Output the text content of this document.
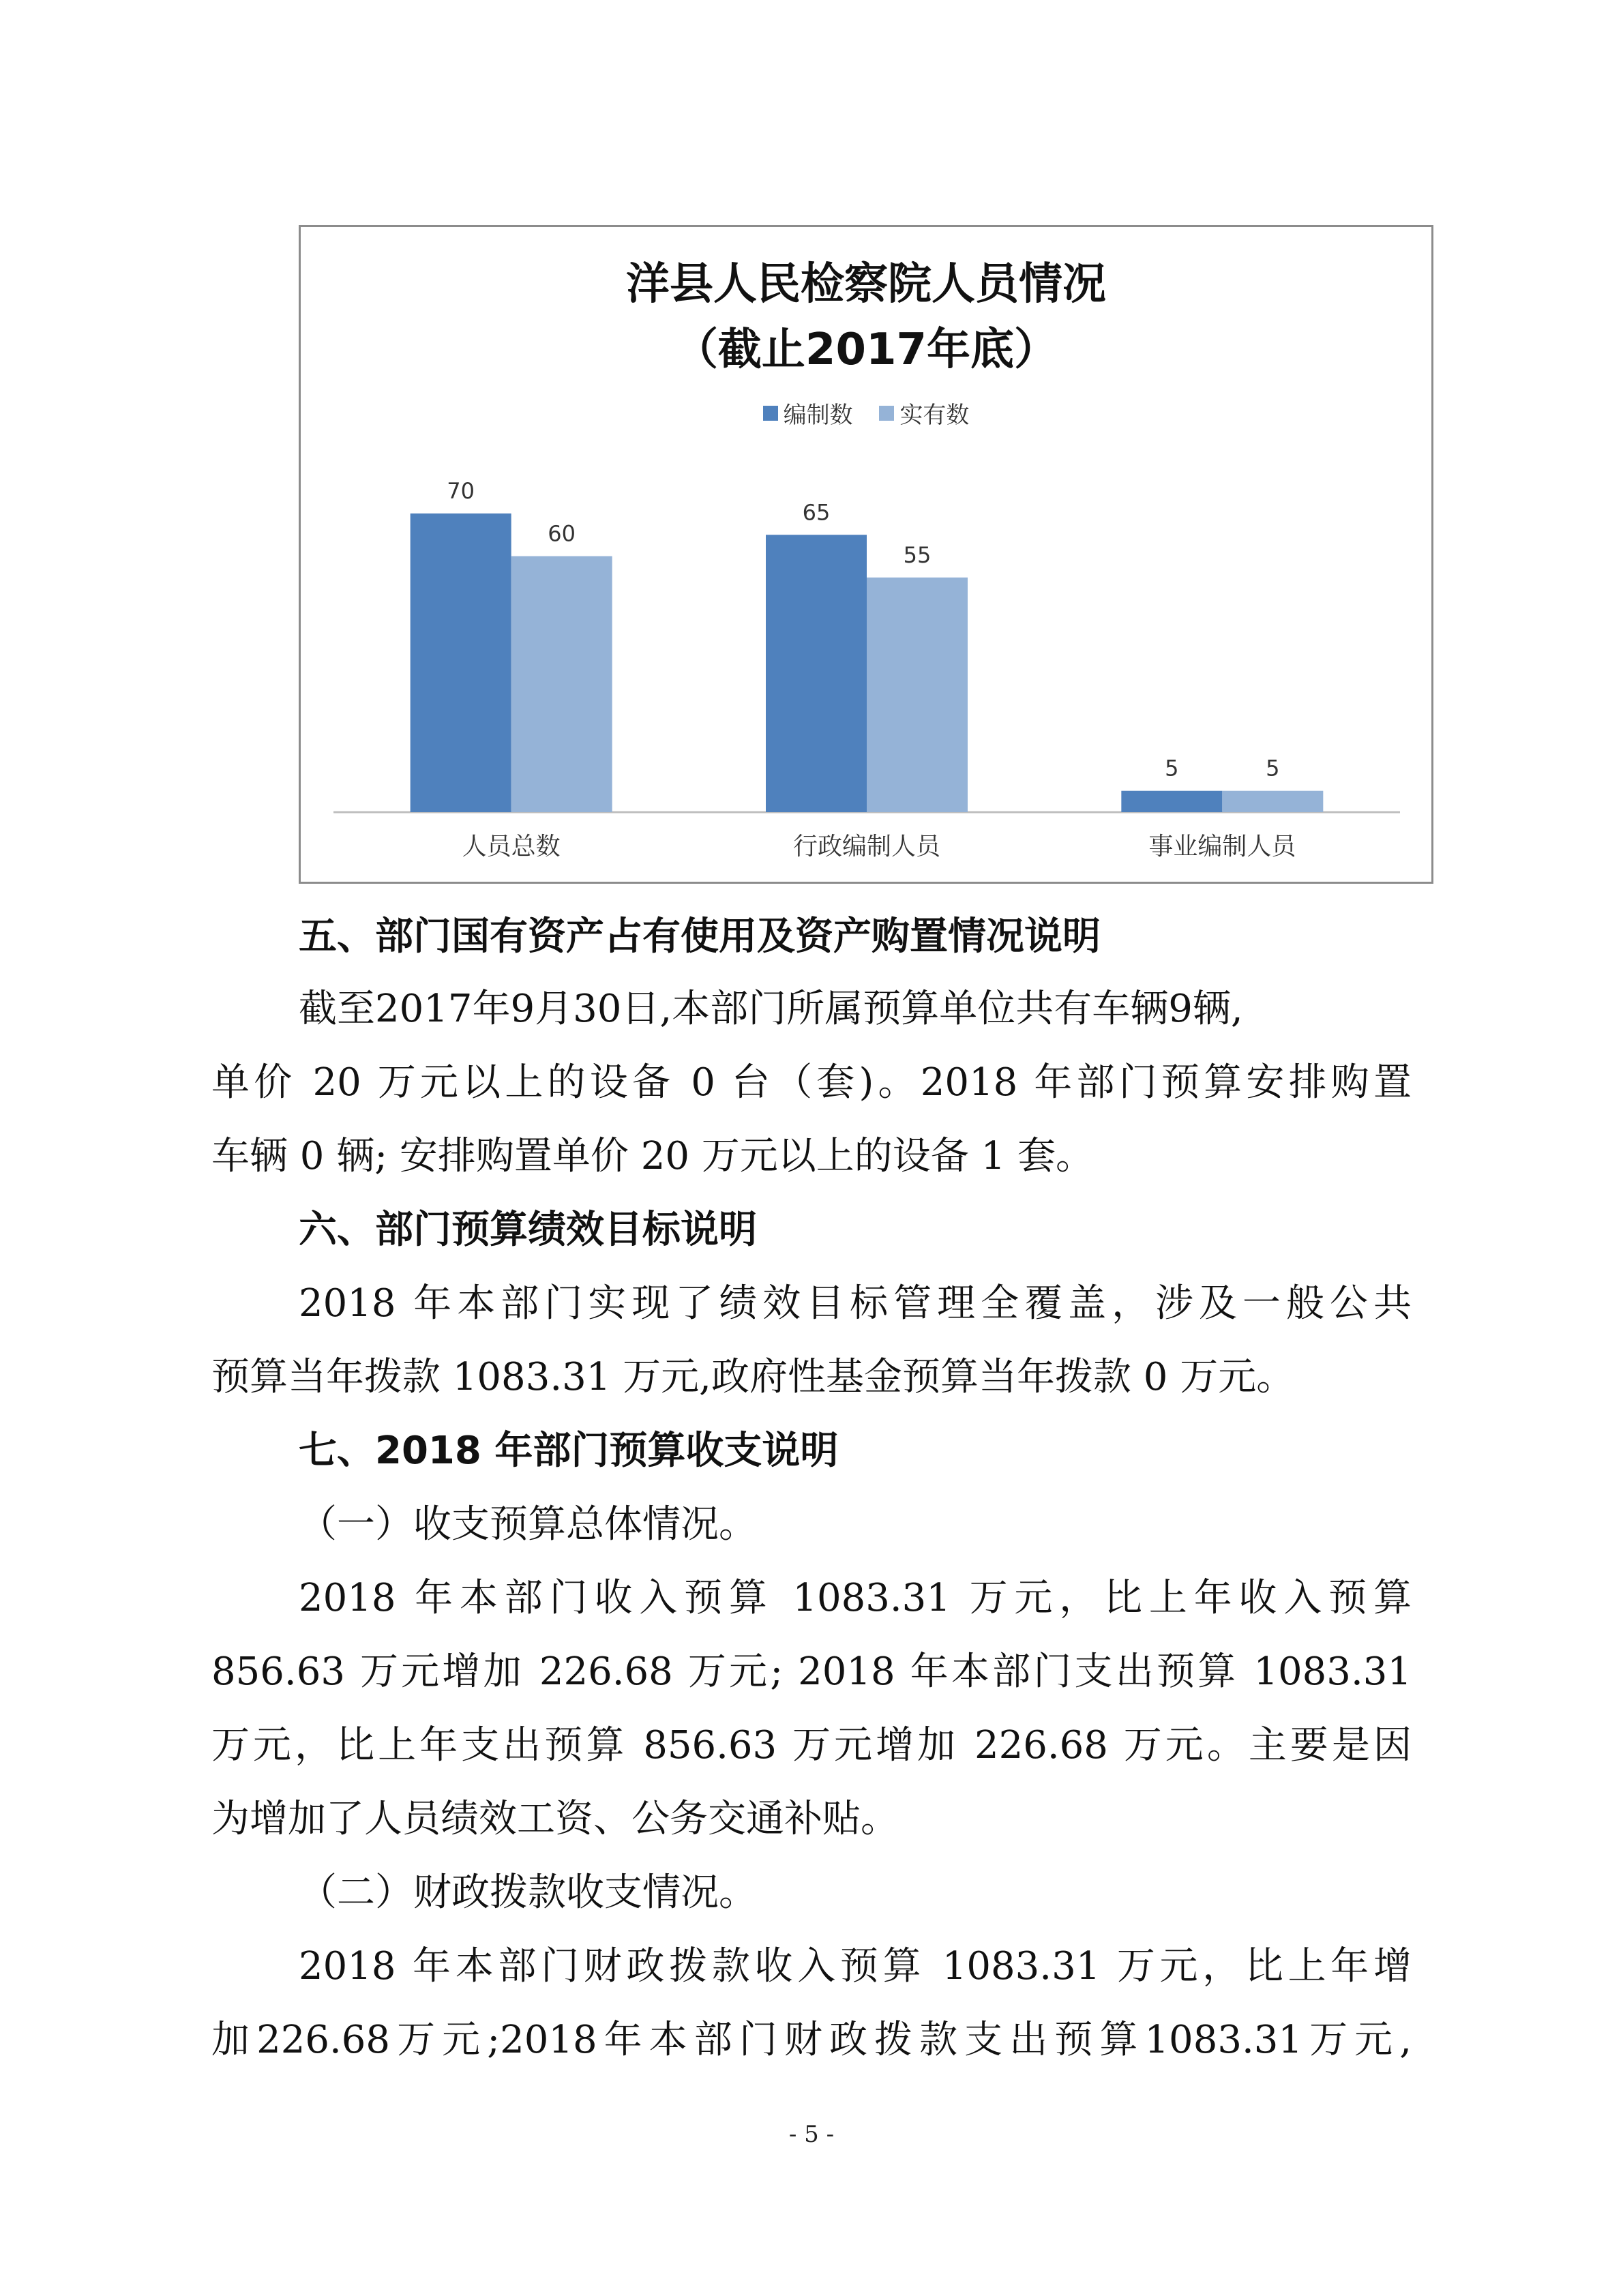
洋县人民检察院人员情况
（截止2017年底）
编制数
实有数
70
60
人员总数
65
55
行政编制人员
5	5
事业编制人员
五、部门国有资产占有使用及资产购置情况说明

截至2017年9月30日,本部门所属预算单位共有车辆9辆,

单价 20 万元以上的设备 0 台（套)。2018 年部门预算安排购置

车辆 0 辆; 安排购置单价 20 万元以上的设备 1 套。

六、部门预算绩效目标说明

2018 年本部门实现了绩效目标管理全覆盖，涉及一般公共

预算当年拨款 1083.31 万元,政府性基金预算当年拨款 0 万元。

七、2018 年部门预算收支说明

（一）收支预算总体情况。

2018 年本部门收入预算 1083.31 万元，比上年收入预算

856.63 万元增加 226.68 万元; 2018 年本部门支出预算 1083.31

万元，比上年支出预算 856.63 万元增加 226.68 万元。主要是因

为增加了人员绩效工资、公务交通补贴。

（二）财政拨款收支情况。

2018 年本部门财政拨款收入预算 1083.31 万元，比上年增

加226.68万元;2018年本部门财政拨款支出预算1083.31万元,

- 5 -
